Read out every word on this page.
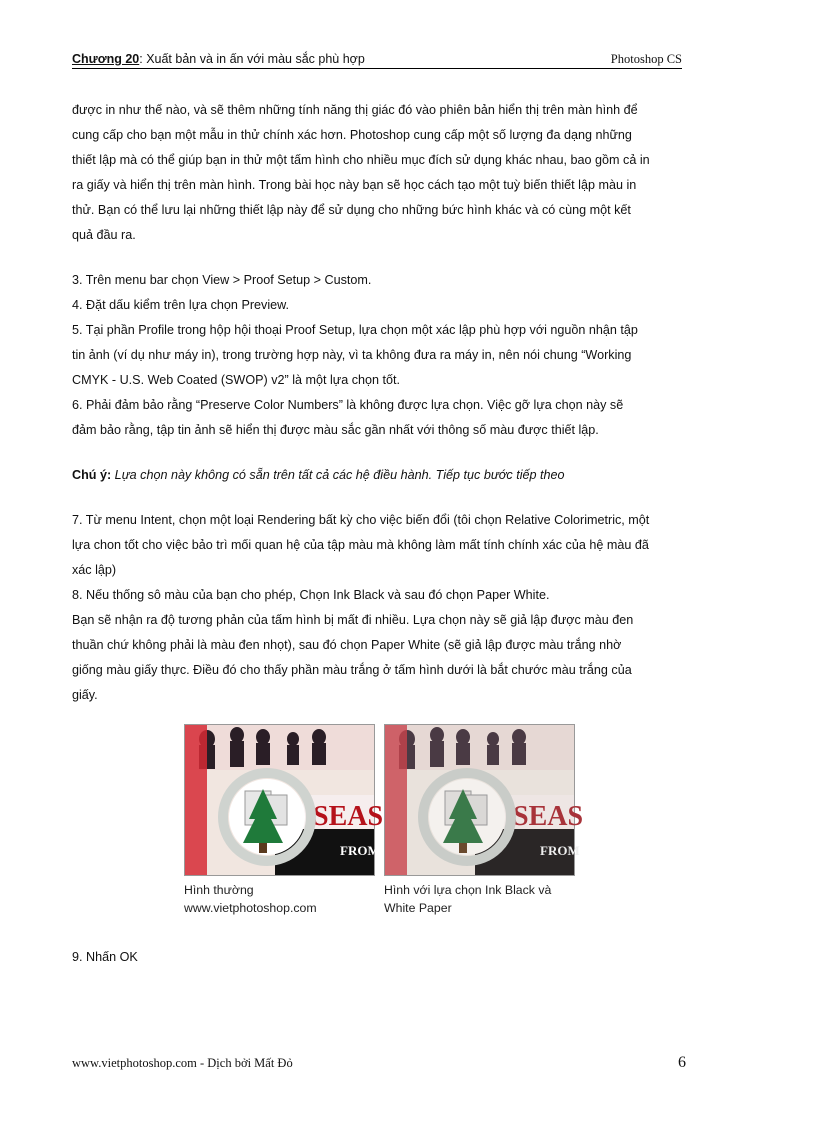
Chương 20: Xuất bản và in ấn với màu sắc phù hợp	Photoshop CS

được in như thế nào, và sẽ thêm những tính năng thị giác đó vào phiên bản hiển thị trên màn hình để

cung cấp cho bạn một mẫu in thử chính xác hơn. Photoshop cung cấp một số lượng đa dạng những

thiết lập mà có thể giúp bạn in thử một tấm hình cho nhiều mục đích sử dụng khác nhau, bao gồm cả in

ra giấy và hiển thị trên màn hình. Trong bài học này bạn sẽ học cách tạo một tuỳ biến thiết lập màu in

thử. Bạn có thể lưu lại những thiết lập này để sử dụng cho những bức hình khác và có cùng một kết

quả đầu ra.

3. Trên menu bar chọn View > Proof Setup > Custom.

4. Đặt dấu kiểm trên lựa chọn Preview.

5. Tại phần Profile trong hộp hội thoại Proof Setup, lựa chọn một xác lập phù hợp với nguồn nhận tập

tin ảnh (ví dụ như máy in), trong trường hợp này, vì ta không đưa ra máy in, nên nói chung “Working

CMYK - U.S. Web Coated (SWOP) v2” là một lựa chọn tốt.

6. Phải đảm bảo rằng “Preserve Color Numbers” là không được lựa chọn. Việc gỡ lựa chọn này sẽ

đảm bảo rằng, tập tin ảnh sẽ hiển thị được màu sắc gần nhất với thông số màu được thiết lập.

Chú ý: Lựa chọn này không có sẵn trên tất cả các hệ điều hành. Tiếp tục bước tiếp theo

7. Từ menu Intent, chọn một loại Rendering bất kỳ cho việc biến đổi (tôi chọn Relative Colorimetric, một

lựa chon tốt cho việc bảo trì mối quan hệ của tập màu mà không làm mất tính chính xác của hệ màu đã

xác lập)

8. Nếu thống sô màu của bạn cho phép, Chọn Ink Black và sau đó chọn Paper White.

Bạn sẽ nhận ra độ tương phản của tấm hình bị mất đi nhiều. Lựa chọn này sẽ giả lập được màu đen

thuần chứ không phải là màu đen nhọt), sau đó chọn Paper White (sẽ giả lập được màu trắng nhờ

giống màu giấy thực. Điều đó cho thấy phần màu trắng ở tấm hình dưới là bắt chước màu trắng của

giấy.

SEAS
FROM
Hình thường
www.vietphotoshop.com
SEAS
FROM
Hình với lựa chọn Ink Black và
White Paper

9. Nhấn OK

www.vietphotoshop.com - Dịch bởi Mất Đỏ	6
